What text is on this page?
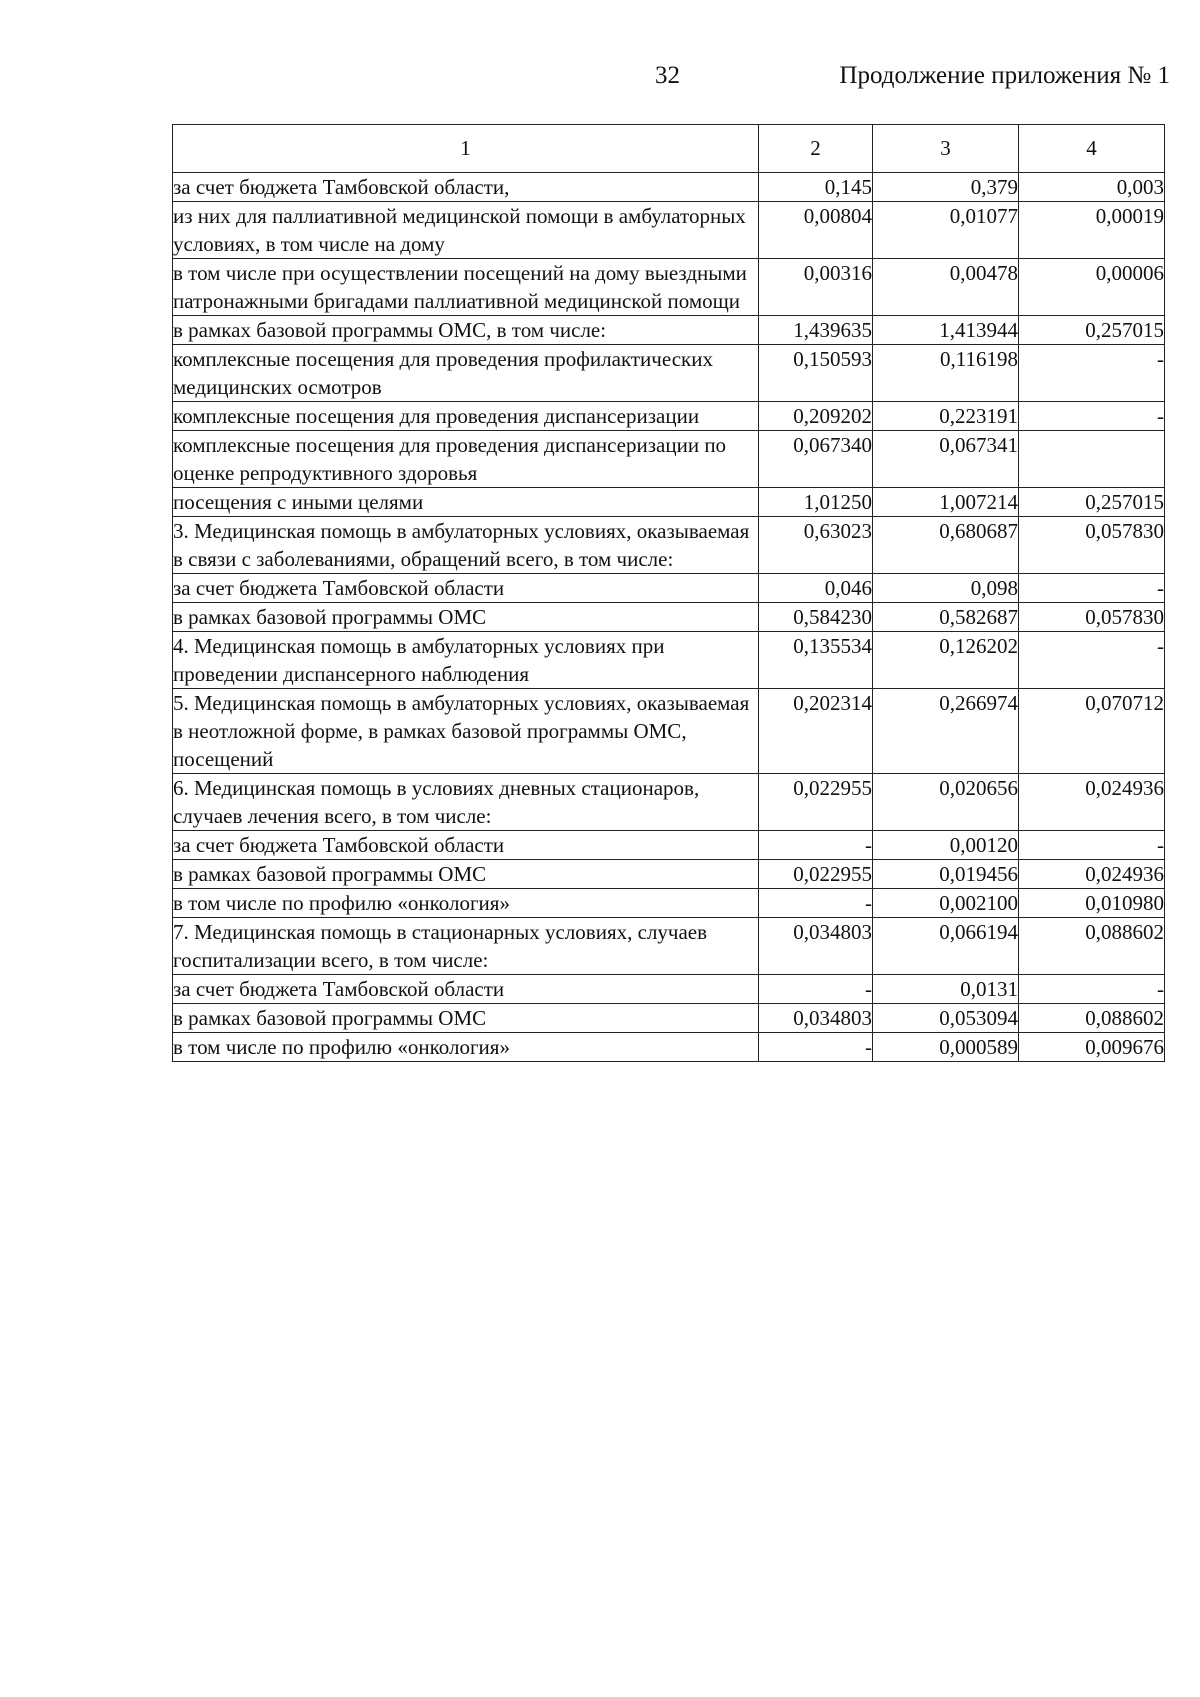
32	Продолжение приложения № 1
1	2	3	4
за счет бюджета Тамбовской области,	0,145	0,379	0,003
из них для паллиативной медицинской помощи в амбулаторных условиях, в том числе на дому	0,00804	0,01077	0,00019
в том числе при осуществлении посещений на дому выездными патронажными бригадами паллиативной медицинской помощи	0,00316	0,00478	0,00006
в рамках базовой программы ОМС, в том числе:	1,439635	1,413944	0,257015
комплексные посещения для проведения профилактических медицинских осмотров	0,150593	0,116198	-
комплексные посещения для проведения диспансеризации	0,209202	0,223191	-
комплексные посещения для проведения диспансеризации по оценке репродуктивного здоровья	0,067340	0,067341	
посещения с иными целями	1,01250	1,007214	0,257015
3. Медицинская помощь в амбулаторных условиях, оказываемая в связи с заболеваниями, обращений всего, в том числе:	0,63023	0,680687	0,057830
за счет бюджета Тамбовской области	0,046	0,098	-
в рамках базовой программы ОМС	0,584230	0,582687	0,057830
4. Медицинская помощь в амбулаторных условиях при проведении диспансерного наблюдения	0,135534	0,126202	-
5. Медицинская помощь в амбулаторных условиях, оказываемая в неотложной форме, в рамках базовой программы ОМС, посещений	0,202314	0,266974	0,070712
6. Медицинская помощь в условиях дневных стационаров, случаев лечения всего, в том числе:	0,022955	0,020656	0,024936
за счет бюджета Тамбовской области	-	0,00120	-
в рамках базовой программы ОМС	0,022955	0,019456	0,024936
в том числе по профилю «онкология»	-	0,002100	0,010980
7. Медицинская помощь в стационарных условиях, случаев госпитализации всего, в том числе:	0,034803	0,066194	0,088602
за счет бюджета Тамбовской области	-	0,0131	-
в рамках базовой программы ОМС	0,034803	0,053094	0,088602
в том числе по профилю «онкология»	-	0,000589	0,009676
